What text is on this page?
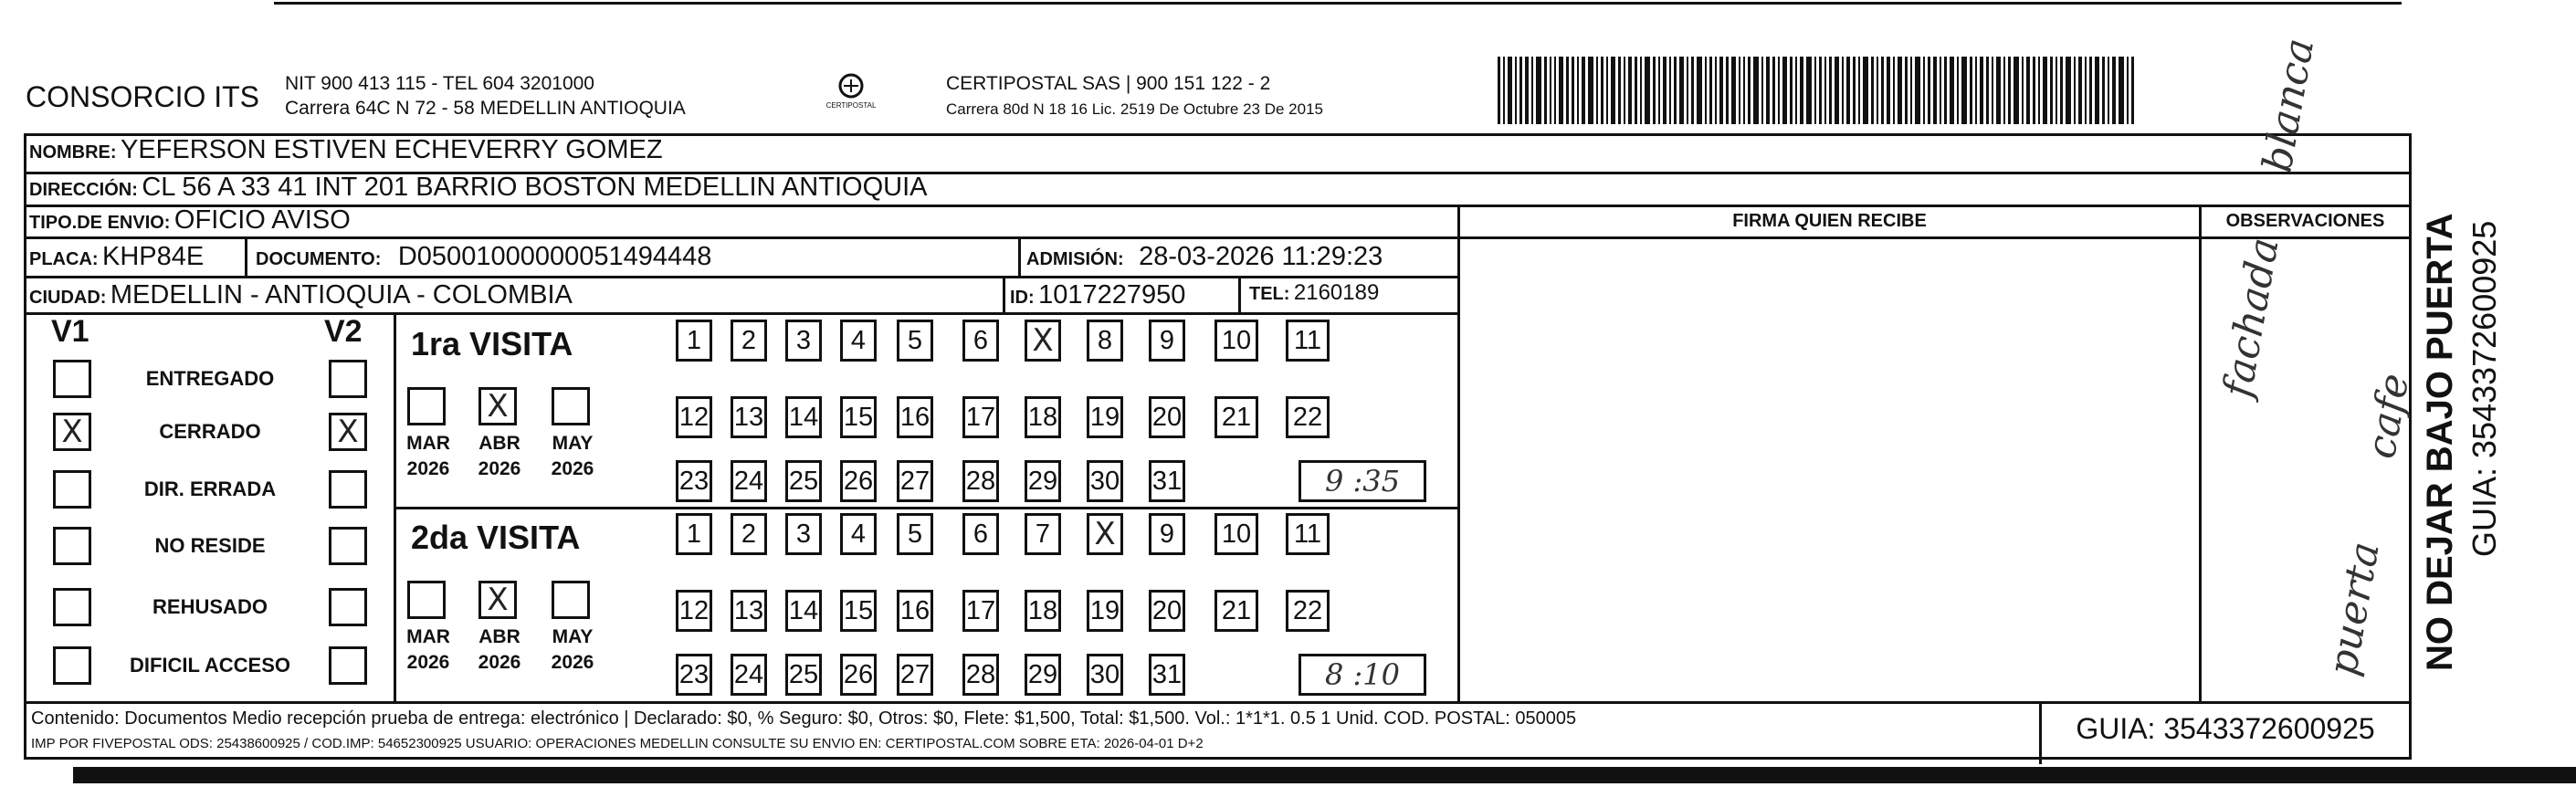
CONSORCIO ITS NIT 900 413 115 - TEL 604 3201000
Carrera 64C N 72 - 58 MEDELLIN ANTIOQUIA	CERTIPOSTAL
CERTIPOSTAL SAS | 900 151 122 - 2
Carrera 80d N 18 16 Lic. 2519 De Octubre 23 De 2015
NOMBRE: YEFERSON ESTIVEN ECHEVERRY GOMEZ
DIRECCIÓN: CL 56 A 33 41 INT 201 BARRIO BOSTON MEDELLIN ANTIOQUIA
TIPO.DE ENVIO: OFICIO AVISO
PLACA: KHP84E	DOCUMENTO: D05001000000051494448	ADMISIÓN: 28-03-2026 11:29:23
CIUDAD: MEDELLIN - ANTIOQUIA - COLOMBIA	ID: 1017227950	TEL: 2160189
FIRMA QUIEN RECIBE	OBSERVACIONES
fachada blanca
puerta cafe NO DEJAR BAJO PUERTA GUIA: 3543372600925
V1	V2
ENTREGADO
X	CERRADO	X
DIR. ERRADA
NO RESIDE
REHUSADO
DIFICIL ACCESO
1ra VISITA
MAR
2026
X
ABR
2026
MAY
2026
1 2 3 4 5 6 X 8 9 10 11
12 13 14 15 16 17 18 19 20 21 22
23 24 25 26 27 28 29 30 31	9 :35
2da VISITA
MAR
2026
X
ABR
2026
MAY
2026
1 2 3 4 5 6 7 X 9 10 11
12 13 14 15 16 17 18 19 20 21 22
23 24 25 26 27 28 29 30 31	8 :10
Contenido: Documentos Medio recepción prueba de entrega: electrónico | Declarado: $0, % Seguro: $0, Otros: $0, Flete: $1,500, Total: $1,500. Vol.: 1*1*1. 0.5 1 Unid. COD. POSTAL: 050005
IMP POR FIVEPOSTAL ODS: 25438600925 / COD.IMP: 54652300925 USUARIO: OPERACIONES MEDELLIN CONSULTE SU ENVIO EN: CERTIPOSTAL.COM SOBRE ETA: 2026-04-01 D+2	GUIA: 3543372600925
